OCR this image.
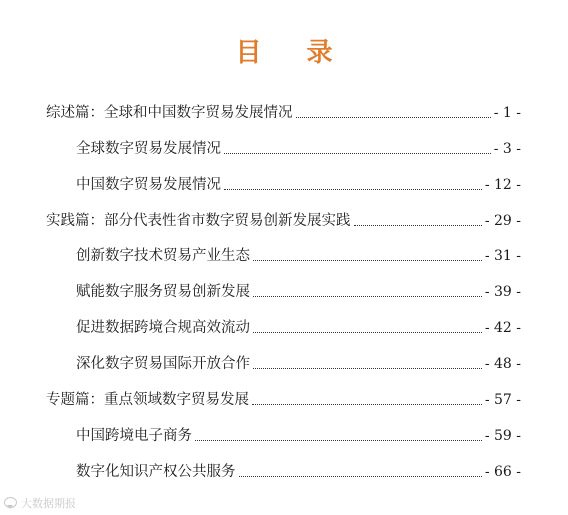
目 录
综述篇：全球和中国数字贸易发展情况	- 1 -
全球数字贸易发展情况	- 3 -
中国数字贸易发展情况	- 12 -
实践篇：部分代表性省市数字贸易创新发展实践	- 29 -
创新数字技术贸易产业生态	- 31 -
赋能数字服务贸易创新发展	- 39 -
促进数据跨境合规高效流动	- 42 -
深化数字贸易国际开放合作	- 48 -
专题篇：重点领域数字贸易发展	- 57 -
中国跨境电子商务	- 59 -
数字化知识产权公共服务	- 66 -
大数据期报
